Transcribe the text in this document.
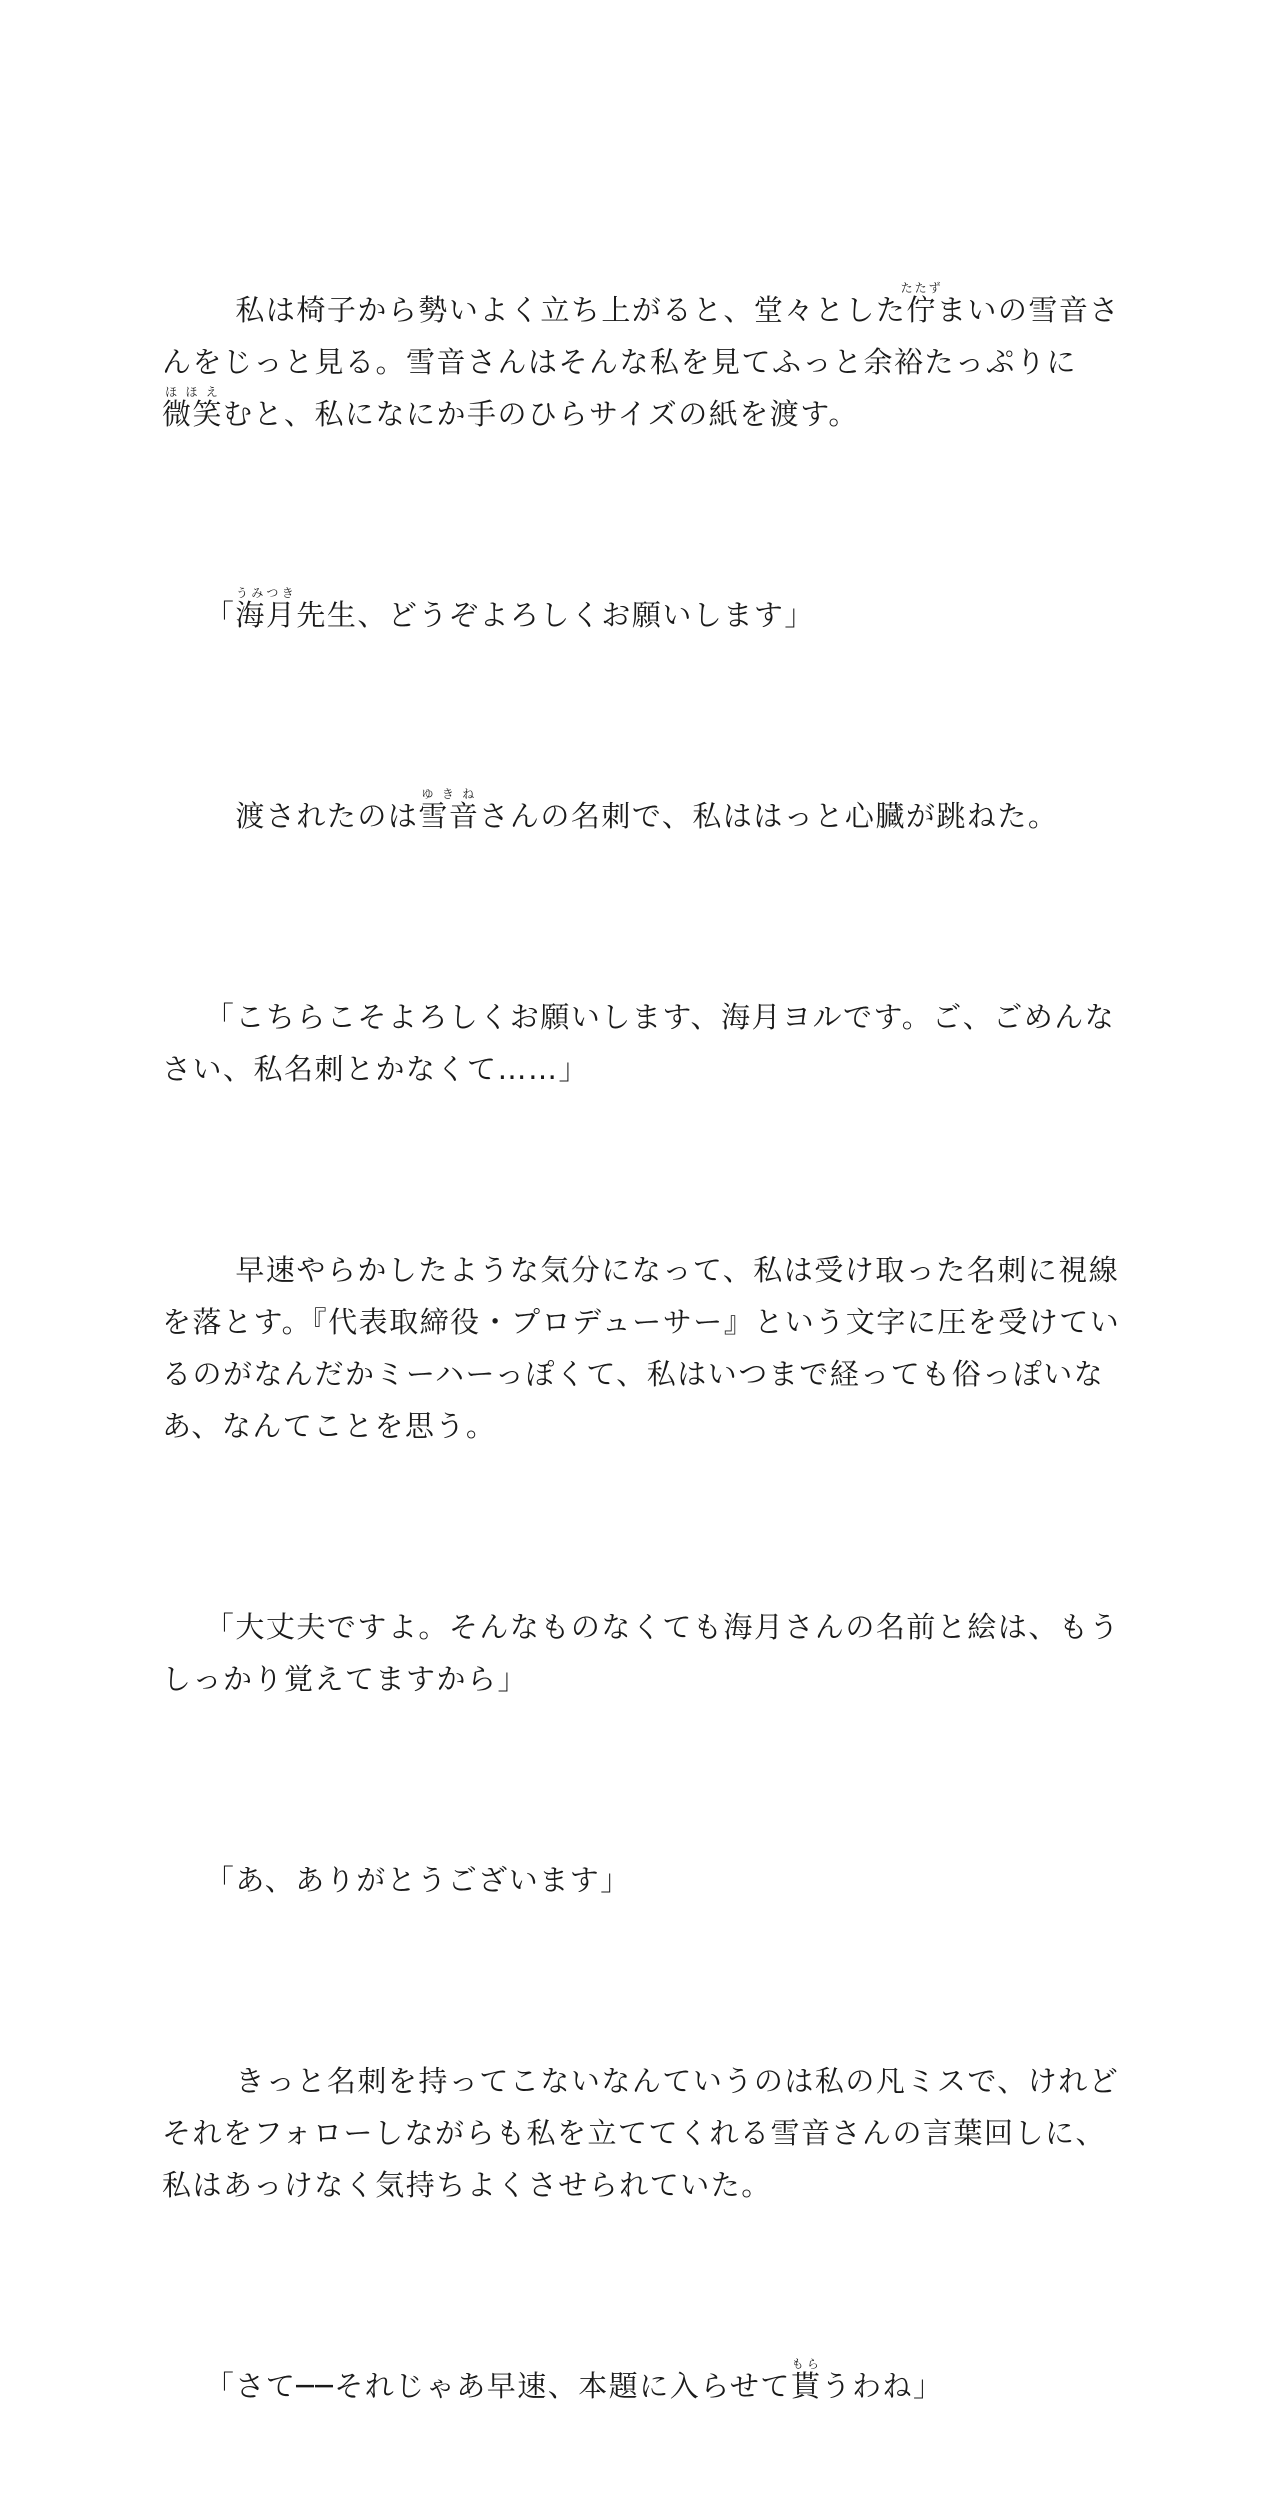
　私は椅子から勢いよく立ち上がると、堂々とした佇たたずまいの雪音さんをじっと見る。雪音さんはそんな私を見てふっと余裕たっぷりに微笑ほほえむと、私になにか手のひらサイズの紙を渡す。

「海月うみつき先生、どうぞよろしくお願いします」

　渡されたのは雪音ゆきねさんの名刺で、私ははっと心臓が跳ねた。

「こちらこそよろしくお願いします、海月ヨルです。ご、ごめんなさい、私名刺とかなくて……」

　早速やらかしたような気分になって、私は受け取った名刺に視線を落とす。『代表取締役・プロデューサー』という文字に圧を受けているのがなんだかミーハーっぽくて、私はいつまで経っても俗っぽいなあ、なんてことを思う。

「大丈夫ですよ。そんなものなくても海月さんの名前と絵は、もうしっかり覚えてますから」

「あ、ありがとうございます」

　きっと名刺を持ってこないなんていうのは私の凡ミスで、けれどそれをフォローしながらも私を立ててくれる雪音さんの言葉回しに、私はあっけなく気持ちよくさせられていた。

「さて──それじゃあ早速、本題に入らせて貰もらうわね」
